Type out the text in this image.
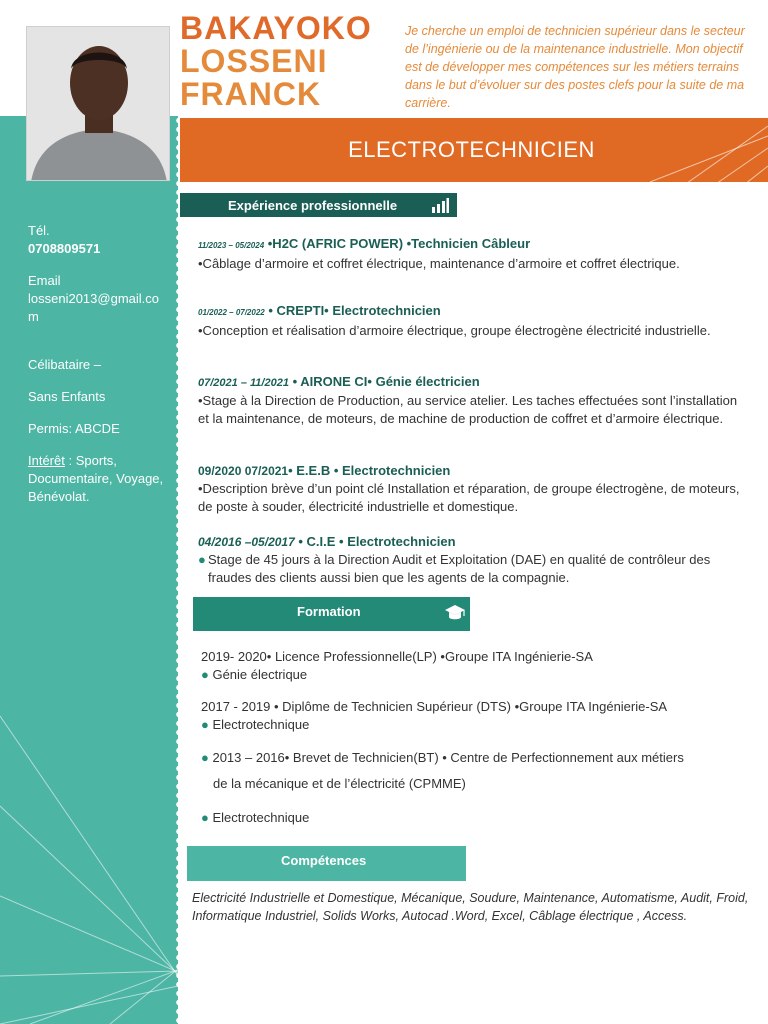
Tél.
0708809571
Email
losseni2013@gmail.com
Célibataire –
Sans Enfants
Permis: ABCDE
Intérêt : Sports, Documentaire, Voyage, Bénévolat.
BAKAYOKO
LOSSENI
FRANCK
Je cherche un emploi de technicien supérieur dans le secteur de l’ingénierie ou de la maintenance industrielle. Mon objectif est de développer mes compétences sur les métiers terrains dans le but d’évoluer sur des postes clefs pour la suite de ma carrière.
ELECTROTECHNICIEN
Expérience professionnelle
11/2023 – 05/2024 •H2C (AFRIC POWER) •Technicien Câbleur
•Câblage d’armoire et coffret électrique, maintenance d’armoire et coffret électrique.
01/2022 – 07/2022 • CREPTI• Electrotechnicien
•Conception et réalisation d’armoire électrique, groupe électrogène électricité industrielle.
07/2021 – 11/2021 • AIRONE CI• Génie électricien
•Stage à la Direction de Production, au service atelier. Les taches effectuées sont l’installation et la maintenance, de moteurs, de machine de production de coffret et d’armoire électrique.
09/2020 07/2021• E.E.B • Electrotechnicien
•Description brève d’un point clé Installation et réparation, de groupe électrogène, de moteurs, de poste à souder, électricité industrielle et domestique.
04/2016 –05/2017 • C.I.E • Electrotechnicien
● Stage de 45 jours à la Direction Audit et Exploitation (DAE) en qualité de contrôleur des fraudes des clients aussi bien que les agents de la compagnie.
Formation
2019- 2020• Licence Professionnelle(LP) •Groupe ITA Ingénierie-SA
● Génie électrique
2017 - 2019 • Diplôme de Technicien Supérieur (DTS) •Groupe ITA Ingénierie-SA
● Electrotechnique
● 2013 – 2016• Brevet de Technicien(BT) • Centre de Perfectionnement aux métiers
de la mécanique et de l’électricité (CPMME)
● Electrotechnique
Compétences
Electricité Industrielle et Domestique, Mécanique, Soudure, Maintenance, Automatisme, Audit, Froid, Informatique Industriel, Solids Works, Autocad .Word, Excel, Câblage électrique , Access.
